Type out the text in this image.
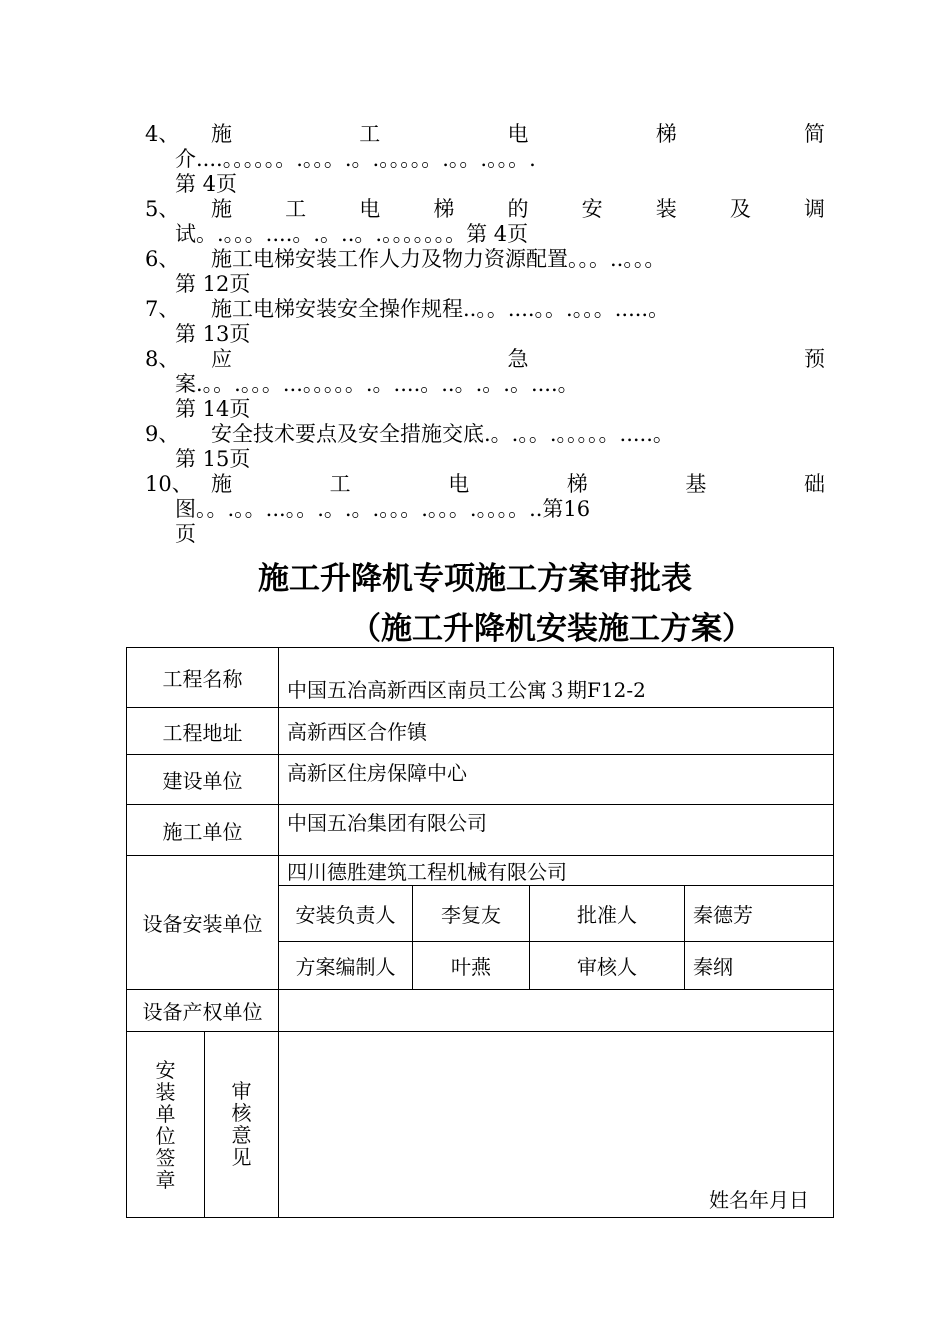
4、	施工电梯简
介....。。。。。。.。。。.。.。。。。。.。。.。。。.
第 4页
5、	施工电梯的安装及调
试。.。。。....。.。..。.。。。。。。。第 4页
6、	施工电梯安装工作人力及物力资源配置。。。..。。。
第 12页
7、	施工电梯安装安全操作规程..。。....。。.。。。.....。
第 13页
8、	应急预
案.。。.。。。...。。。。。.。....。..。.。.。....。
第 14页
9、	安全技术要点及安全措施交底.。.。。.。。。。。.....。
第 15页
10、 施工电梯基础
图。。.。。...。。.。.。.。。。.。。。.。。。。..第16
页
施工升降机专项施工方案审批表
（施工升降机安装施工方案）
工程名称		中国五冶高新西区南员工公寓３期F12-2			
工程地址		高新西区合作镇			
建设单位		高新区住房保障中心			
施工单位		中国五冶集团有限公司			
设备安装单位		四川德胜建筑工程机械有限公司			
		安装负责人	李复友	批准人	秦德芳
		方案编制人	叶燕	审核人	秦纲
设备产权单位					

安装单位签章	审核意见	姓名年月日			
